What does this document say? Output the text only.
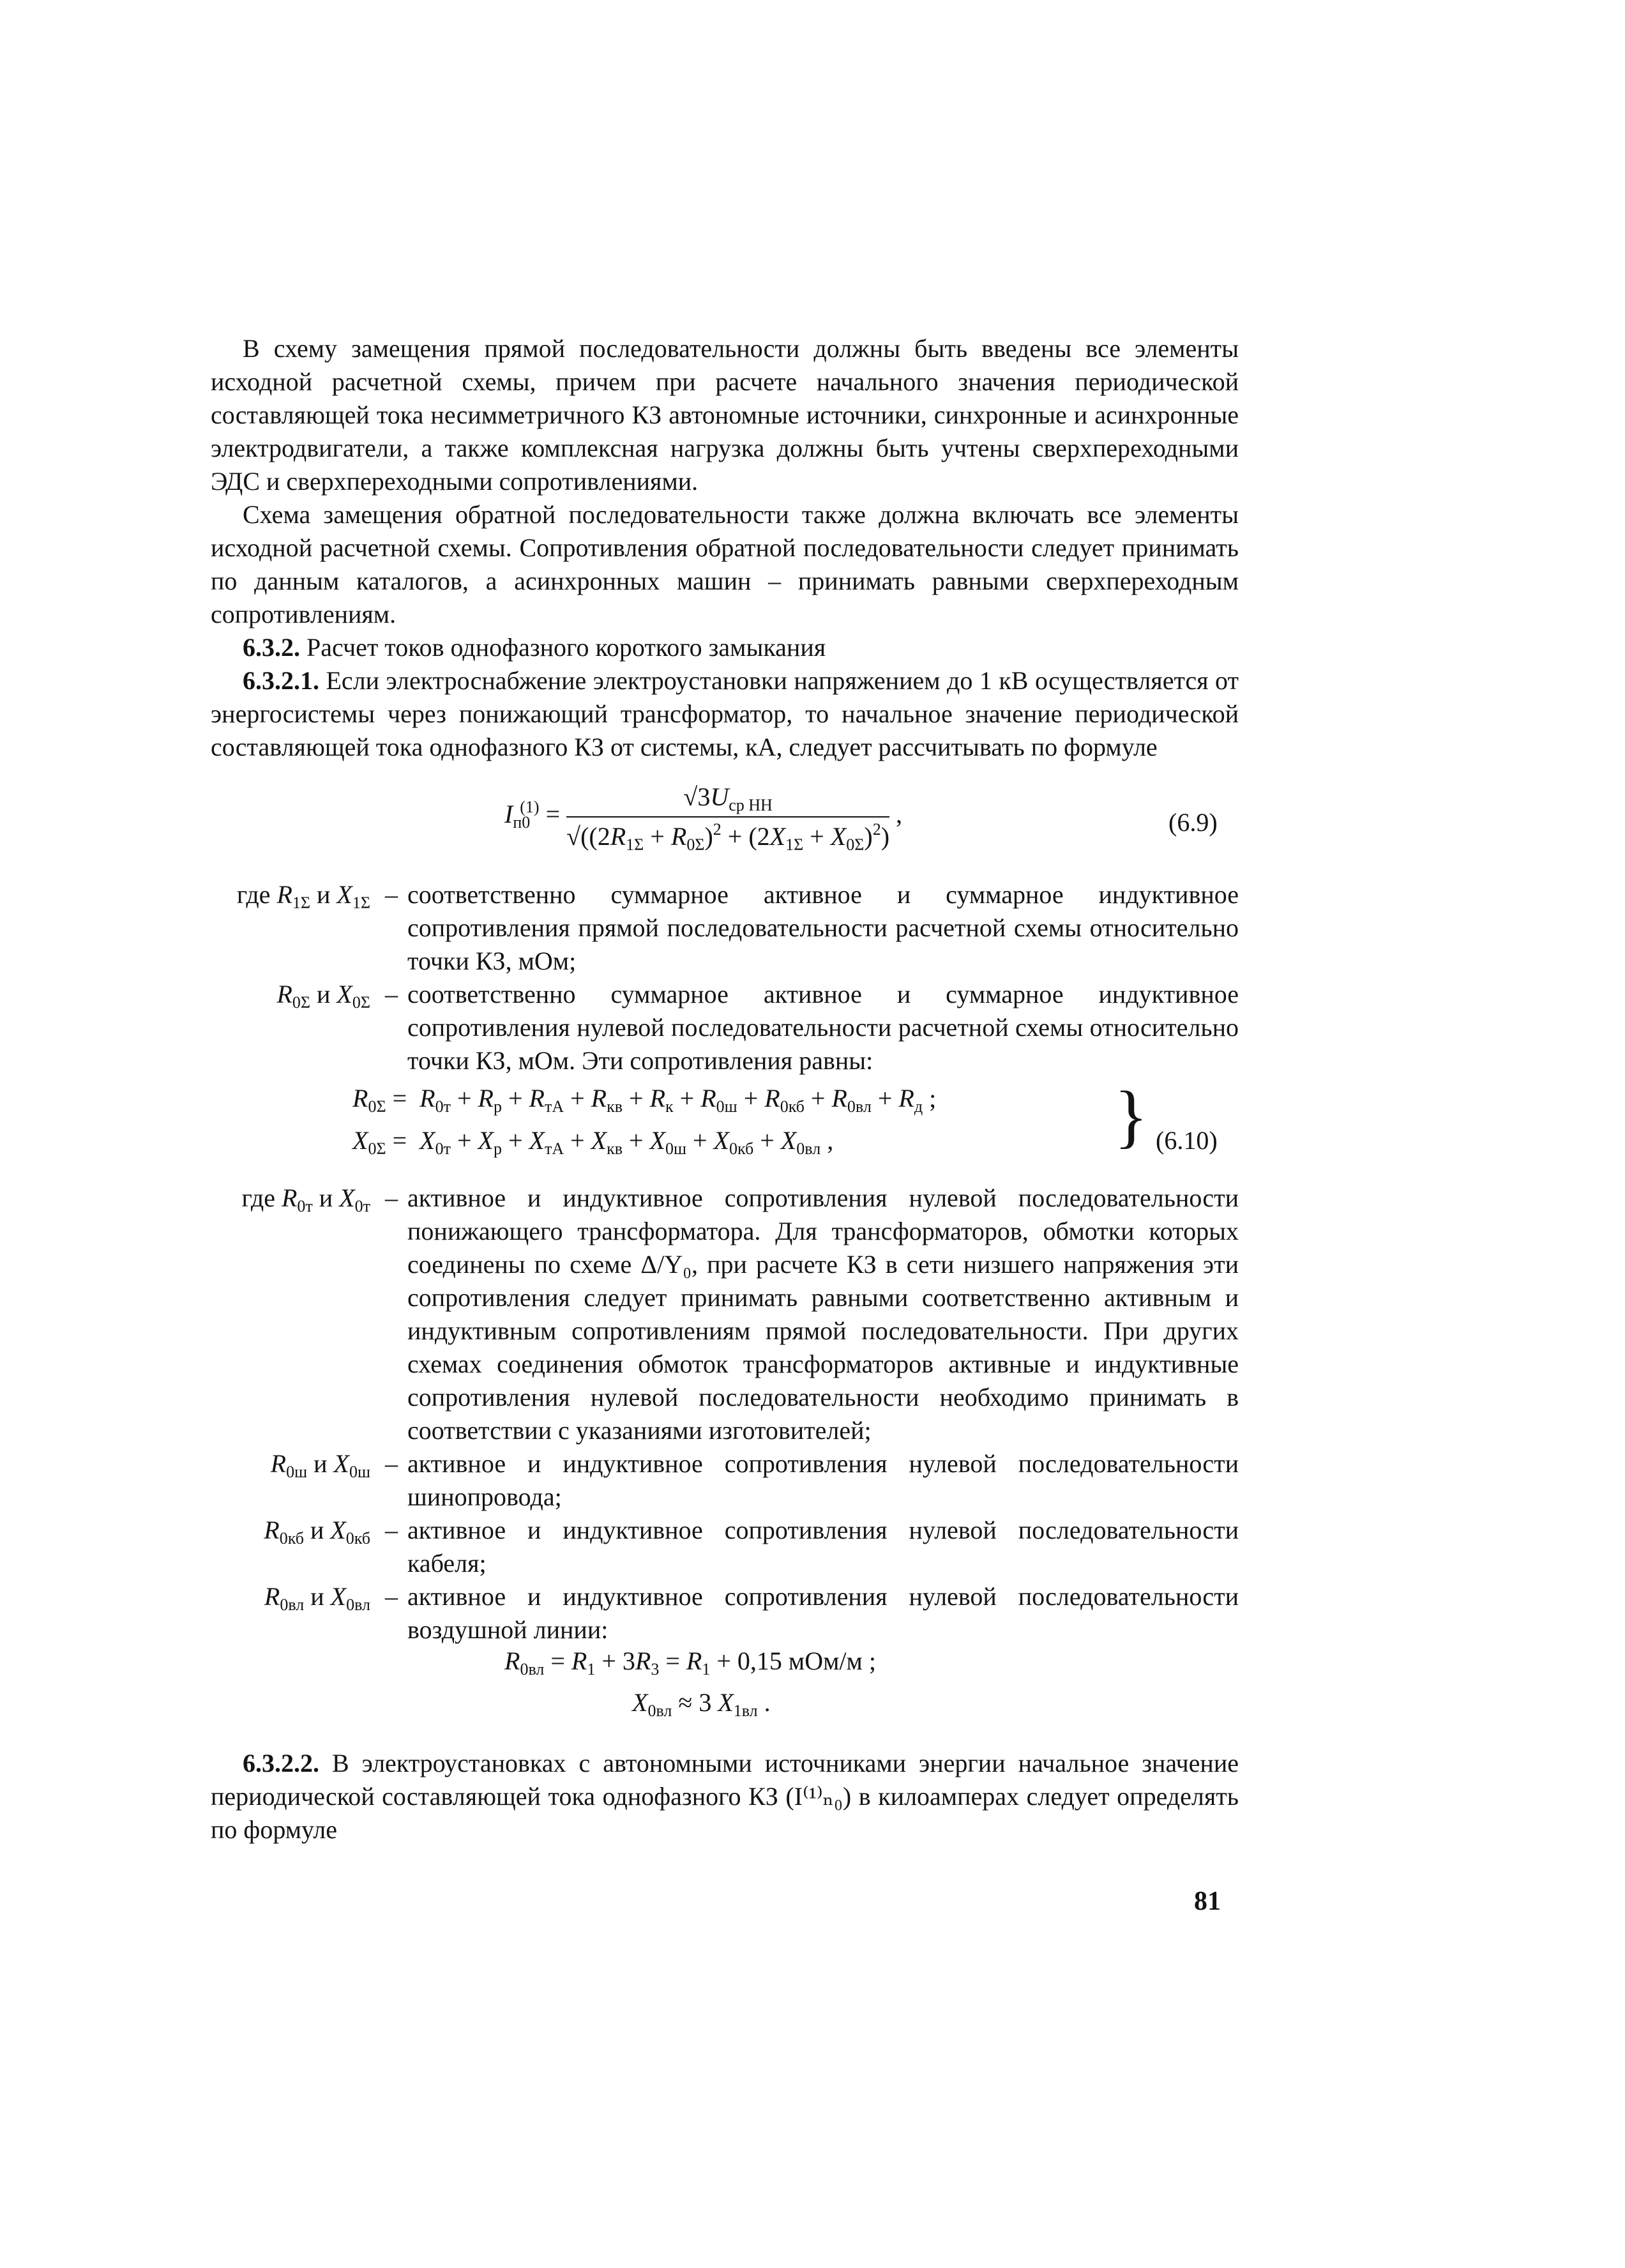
В схему замещения прямой последовательности должны быть введены все элементы исходной расчетной схемы, причем при расчете начального значения периодической составляющей тока несимметричного КЗ автономные источники, синхронные и асинхронные электродвигатели, а также комплексная нагрузка должны быть учтены сверхпереходными ЭДС и сверхпереходными сопротивлениями.

Схема замещения обратной последовательности также должна включать все элементы исходной расчетной схемы. Сопротивления обратной последовательности следует принимать по данным каталогов, а асинхронных машин – принимать равными сверхпереходным сопротивлениям.

6.3.2. Расчет токов однофазного короткого замыкания

6.3.2.1. Если электроснабжение электроустановки напряжением до 1 кВ осуществляется от энергосистемы через понижающий трансформатор, то начальное значение периодической составляющей тока однофазного КЗ от системы, кА, следует рассчитывать по формуле

$I_{п0}^{(1)} = \frac{√3U_{ср НН}}{√((2R_{1\Sigma} + R_{0\Sigma})^2 + (2X_{1\Sigma} + X_{0\Sigma})^2)}$ ,	(6.9)
где $R_{1\Sigma}$ и $X_{1\Sigma}$ – соответственно суммарное активное и суммарное индуктивное сопротивления прямой последовательности расчетной схемы относительно точки КЗ, мОм;
$R_{0\Sigma}$ и $X_{0\Sigma}$ – соответственно суммарное активное и суммарное индуктивное сопротивления нулевой последовательности расчетной схемы относительно точки КЗ, мОм. Эти сопротивления равны:
$R_{0\Sigma} = R_{0т} + R_р + R_{тА} + R_{кв} + R_к + R_{0ш} + R_{0кб} + R_{0вл} + R_д$ ;
$X_{0\Sigma} = X_{0т} + X_р + X_{тА} + X_{кв} + X_{0ш} + X_{0кб} + X_{0вл}$ ,	} (6.10)
где $R_{0т}$ и $X_{0т}$ – активное и индуктивное сопротивления нулевой последовательности понижающего трансформатора. Для трансформаторов, обмотки которых соединены по схеме Δ/Y₀, при расчете КЗ в сети низшего напряжения эти сопротивления следует принимать равными соответственно активным и индуктивным сопротивлениям прямой последовательности. При других схемах соединения обмоток трансформаторов активные и индуктивные сопротивления нулевой последовательности необходимо принимать в соответствии с указаниями изготовителей;
$R_{0ш}$ и $X_{0ш}$ – активное и индуктивное сопротивления нулевой последовательности шинопровода;
$R_{0кб}$ и $X_{0кб}$ – активное и индуктивное сопротивления нулевой последовательности кабеля;
$R_{0вл}$ и $X_{0вл}$ – активное и индуктивное сопротивления нулевой последовательности воздушной линии:
$R_{0вл} = R_1 + 3R_3 = R_1 + 0,15$ мОм/м ;
$X_{0вл} \approx 3$ $X_{1вл}$ .

6.3.2.2. В электроустановках с автономными источниками энергии начальное значение периодической составляющей тока однофазного КЗ (I⁽¹⁾ₙ₀) в килоамперах следует определять по формуле

81
